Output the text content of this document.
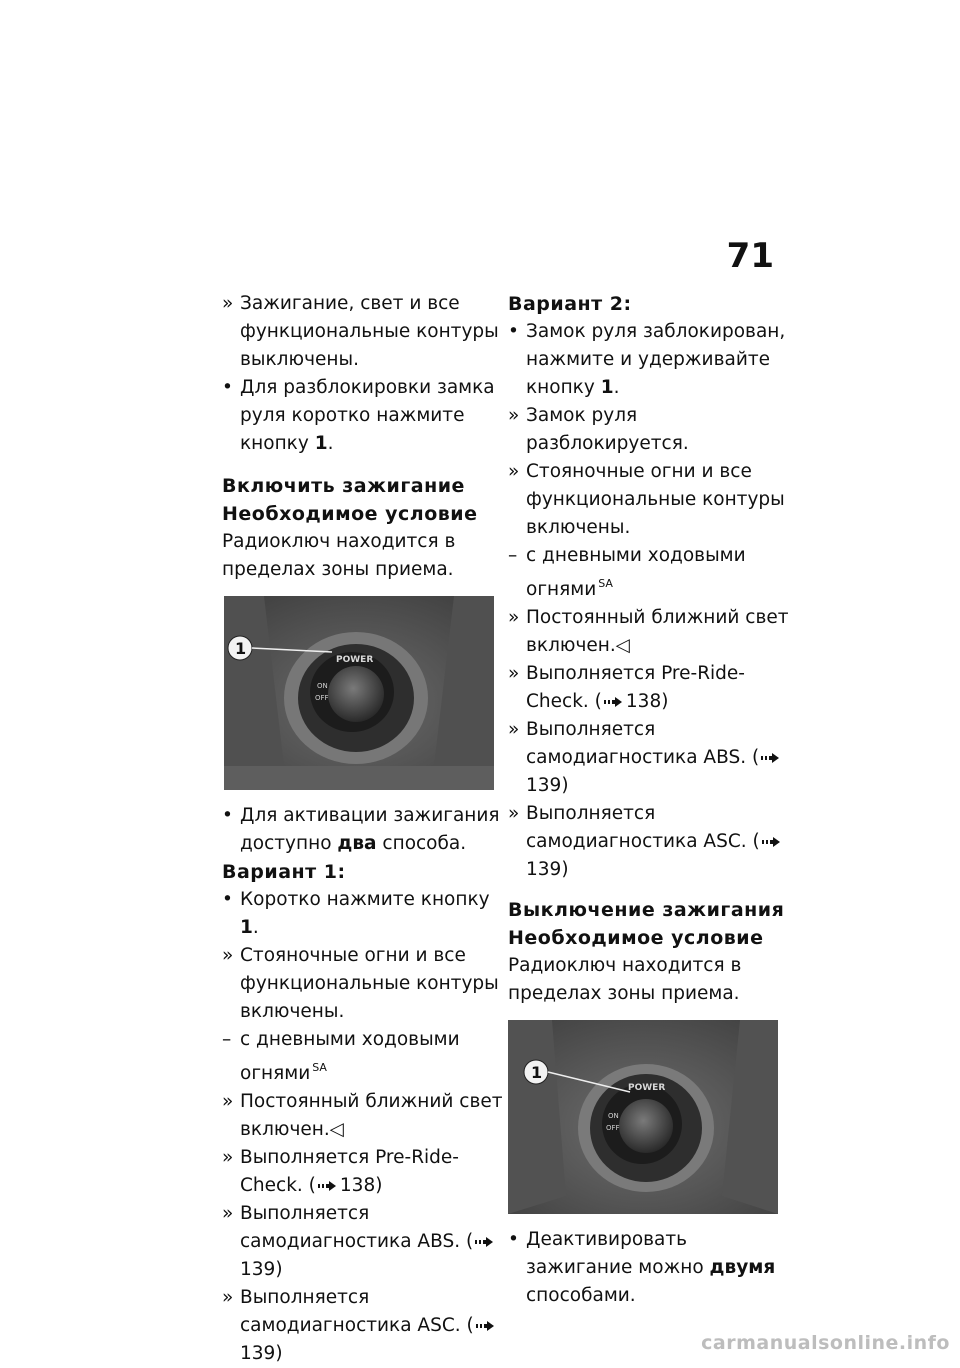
71
» Зажигание, свет и все функциональные контуры выключены.
• Для разблокировки замка руля коротко нажмите кнопку 1.
Включить зажигание
Необходимое условие

Радиоключ находится в пределах зоны приема.

POWER
ON
OFF
1
• Для активации зажигания доступно два способа.
Вариант 1:
• Коротко нажмите кнопку 1.
» Стояночные огни и все функциональные контуры включены.
– с дневными ходовыми огнями $^{SA}$
» Постоянный ближний свет включен.◁
» Выполняется Pre-Ride-Check. ( 138)
» Выполняется самодиагностика ABS. (139)
» Выполняется самодиагностика ASC. (139)
Вариант 2:
• Замок руля заблокирован, нажмите и удерживайте кнопку 1.
» Замок руля разблокируется.
» Стояночные огни и все функциональные контуры включены.
– с дневными ходовыми огнями $^{SA}$
» Постоянный ближний свет включен.◁
» Выполняется Pre-Ride-Check. ( 138)
» Выполняется самодиагностика ABS. (139)
» Выполняется самодиагностика ASC. (139)
Выключение зажигания
Необходимое условие

Радиоключ находится в пределах зоны приема.

POWER
ON
OFF
1
• Деактивировать зажигание можно двумя способами.
carmanualsonline.info
